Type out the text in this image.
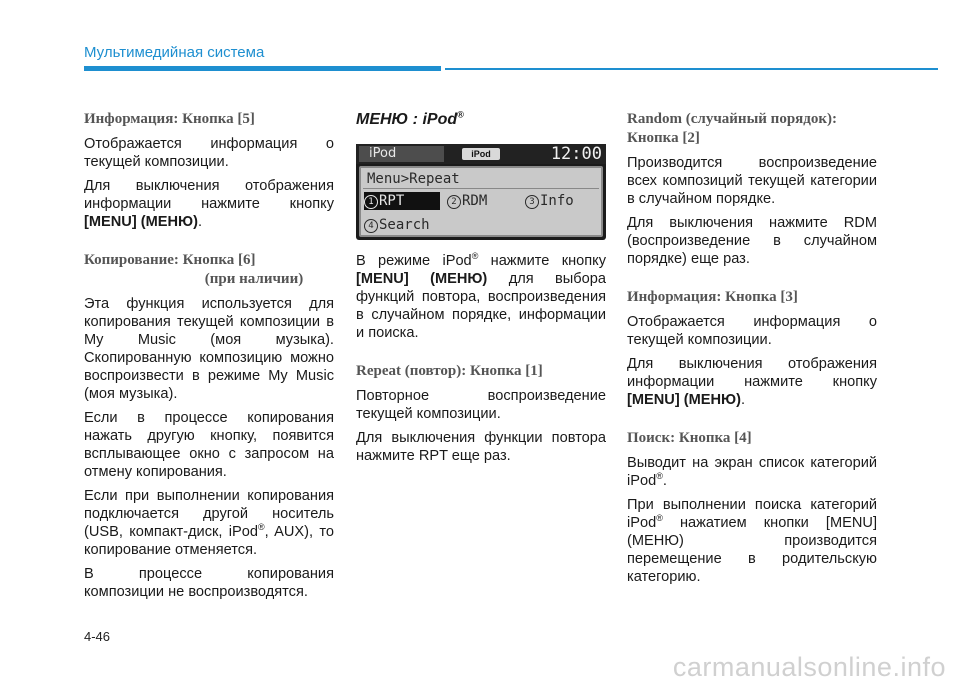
Мультимедийная система
Информация: Кнопка [5]
Отображается информация о текущей композиции.
Для выключения отображения информации нажмите кнопку [MENU] (МЕНЮ).
Копирование: Кнопка [6]
(при наличии)
Эта функция используется для копирования текущей композиции в My Music (моя музыка). Скопированную композицию можно воспроизвести в режиме My Music (моя музыка).
Если в процессе копирования нажать другую кнопку, появится всплывающее окно с запросом на отмену копирования.
Если при выполнении копирования подключается другой носитель (USB, компакт-диск, iPod®, AUX), то копирование отменяется.
В процессе копирования композиции не воспроизводятся.
МЕНЮ : iPod®
iPod	iPod	12:00
Menu>Repeat
1 RPT	2 RDM	3 Info
4 Search
В режиме iPod® нажмите кнопку [MENU] (МЕНЮ) для выбора функций повтора, воспроизведения в случайном порядке, информации и поиска.
Repeat (повтор): Кнопка [1]
Повторное воспроизведение текущей композиции.
Для выключения функции повтора нажмите RPT еще раз.
Random (случайный порядок):
Кнопка [2]
Производится воспроизведение всех композиций текущей категории в случайном порядке.
Для выключения нажмите RDM (воспроизведение в случайном порядке) еще раз.
Информация: Кнопка [3]
Отображается информация о текущей композиции.
Для выключения отображения информации нажмите кнопку [MENU] (МЕНЮ).
Поиск: Кнопка [4]
Выводит на экран список категорий iPod®.
При выполнении поиска категорий iPod® нажатием кнопки [MENU] (МЕНЮ) производится перемещение в родительскую категорию.
4-46
carmanualsonline.info
